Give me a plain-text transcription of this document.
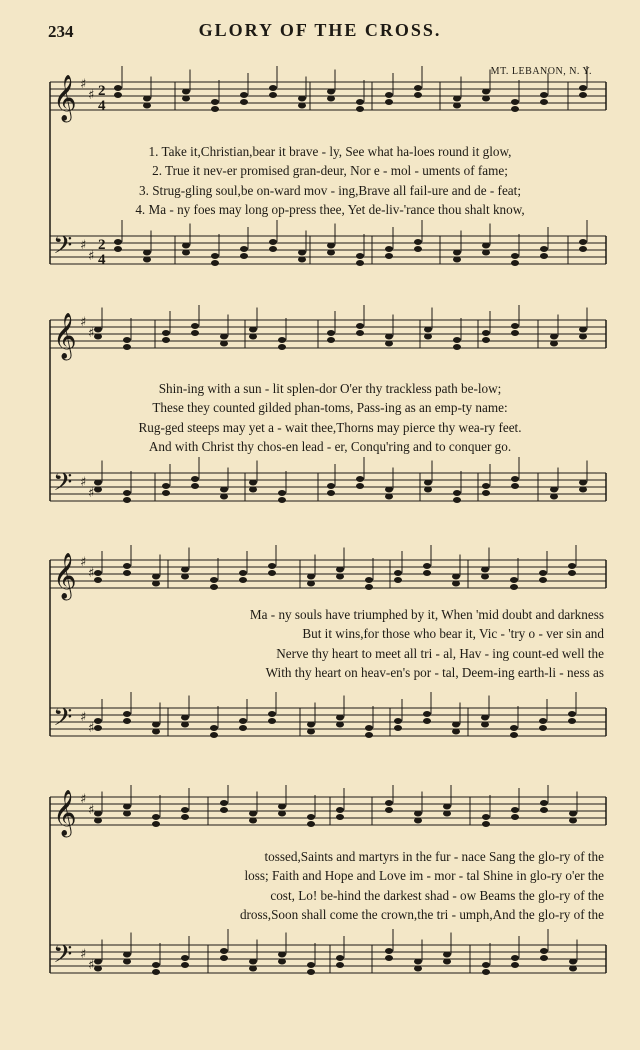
234	GLORY OF THE CROSS.
MT. LEBANON, N. Y.
𝄞 ♯
♯ 2
4
𝄢 ♯
♯
2
4
1. Take it,Christian,bear it brave - ly, See what ha-loes round it glow,
2. True it nev-er promised gran-deur, Nor e - mol - uments of fame;
3. Strug-gling soul,be on-ward mov - ing,Brave all fail-ure and de - feat;
4. Ma - ny foes may long op-press thee, Yet de-liv-'rance thou shalt know,
𝄞 ♯
♯
𝄢 ♯
♯
Shin-ing with a sun - lit splen-dor O'er thy trackless path be-low;
These they counted gilded phan-toms, Pass-ing as an emp-ty name:
Rug-ged steeps may yet a - wait thee,Thorns may pierce thy wea-ry feet.
And with Christ thy chos-en lead - er, Conqu'ring and to conquer go.
𝄞 ♯
♯
𝄢 ♯
♯
Ma - ny souls have triumphed by it, When 'mid doubt and darkness
But it wins,for those who bear it, Vic - 'try o - ver sin and
Nerve thy heart to meet all tri - al, Hav - ing count-ed well the
With thy heart on heav-en's por - tal, Deem-ing earth-li - ness as
𝄞 ♯
♯
𝄢 ♯
♯
tossed,Saints and martyrs in the fur - nace Sang the glo-ry of the
loss; Faith and Hope and Love im - mor - tal Shine in glo-ry o'er the
cost, Lo! be-hind the darkest shad - ow Beams the glo-ry of the
dross,Soon shall come the crown,the tri - umph,And the glo-ry of the
